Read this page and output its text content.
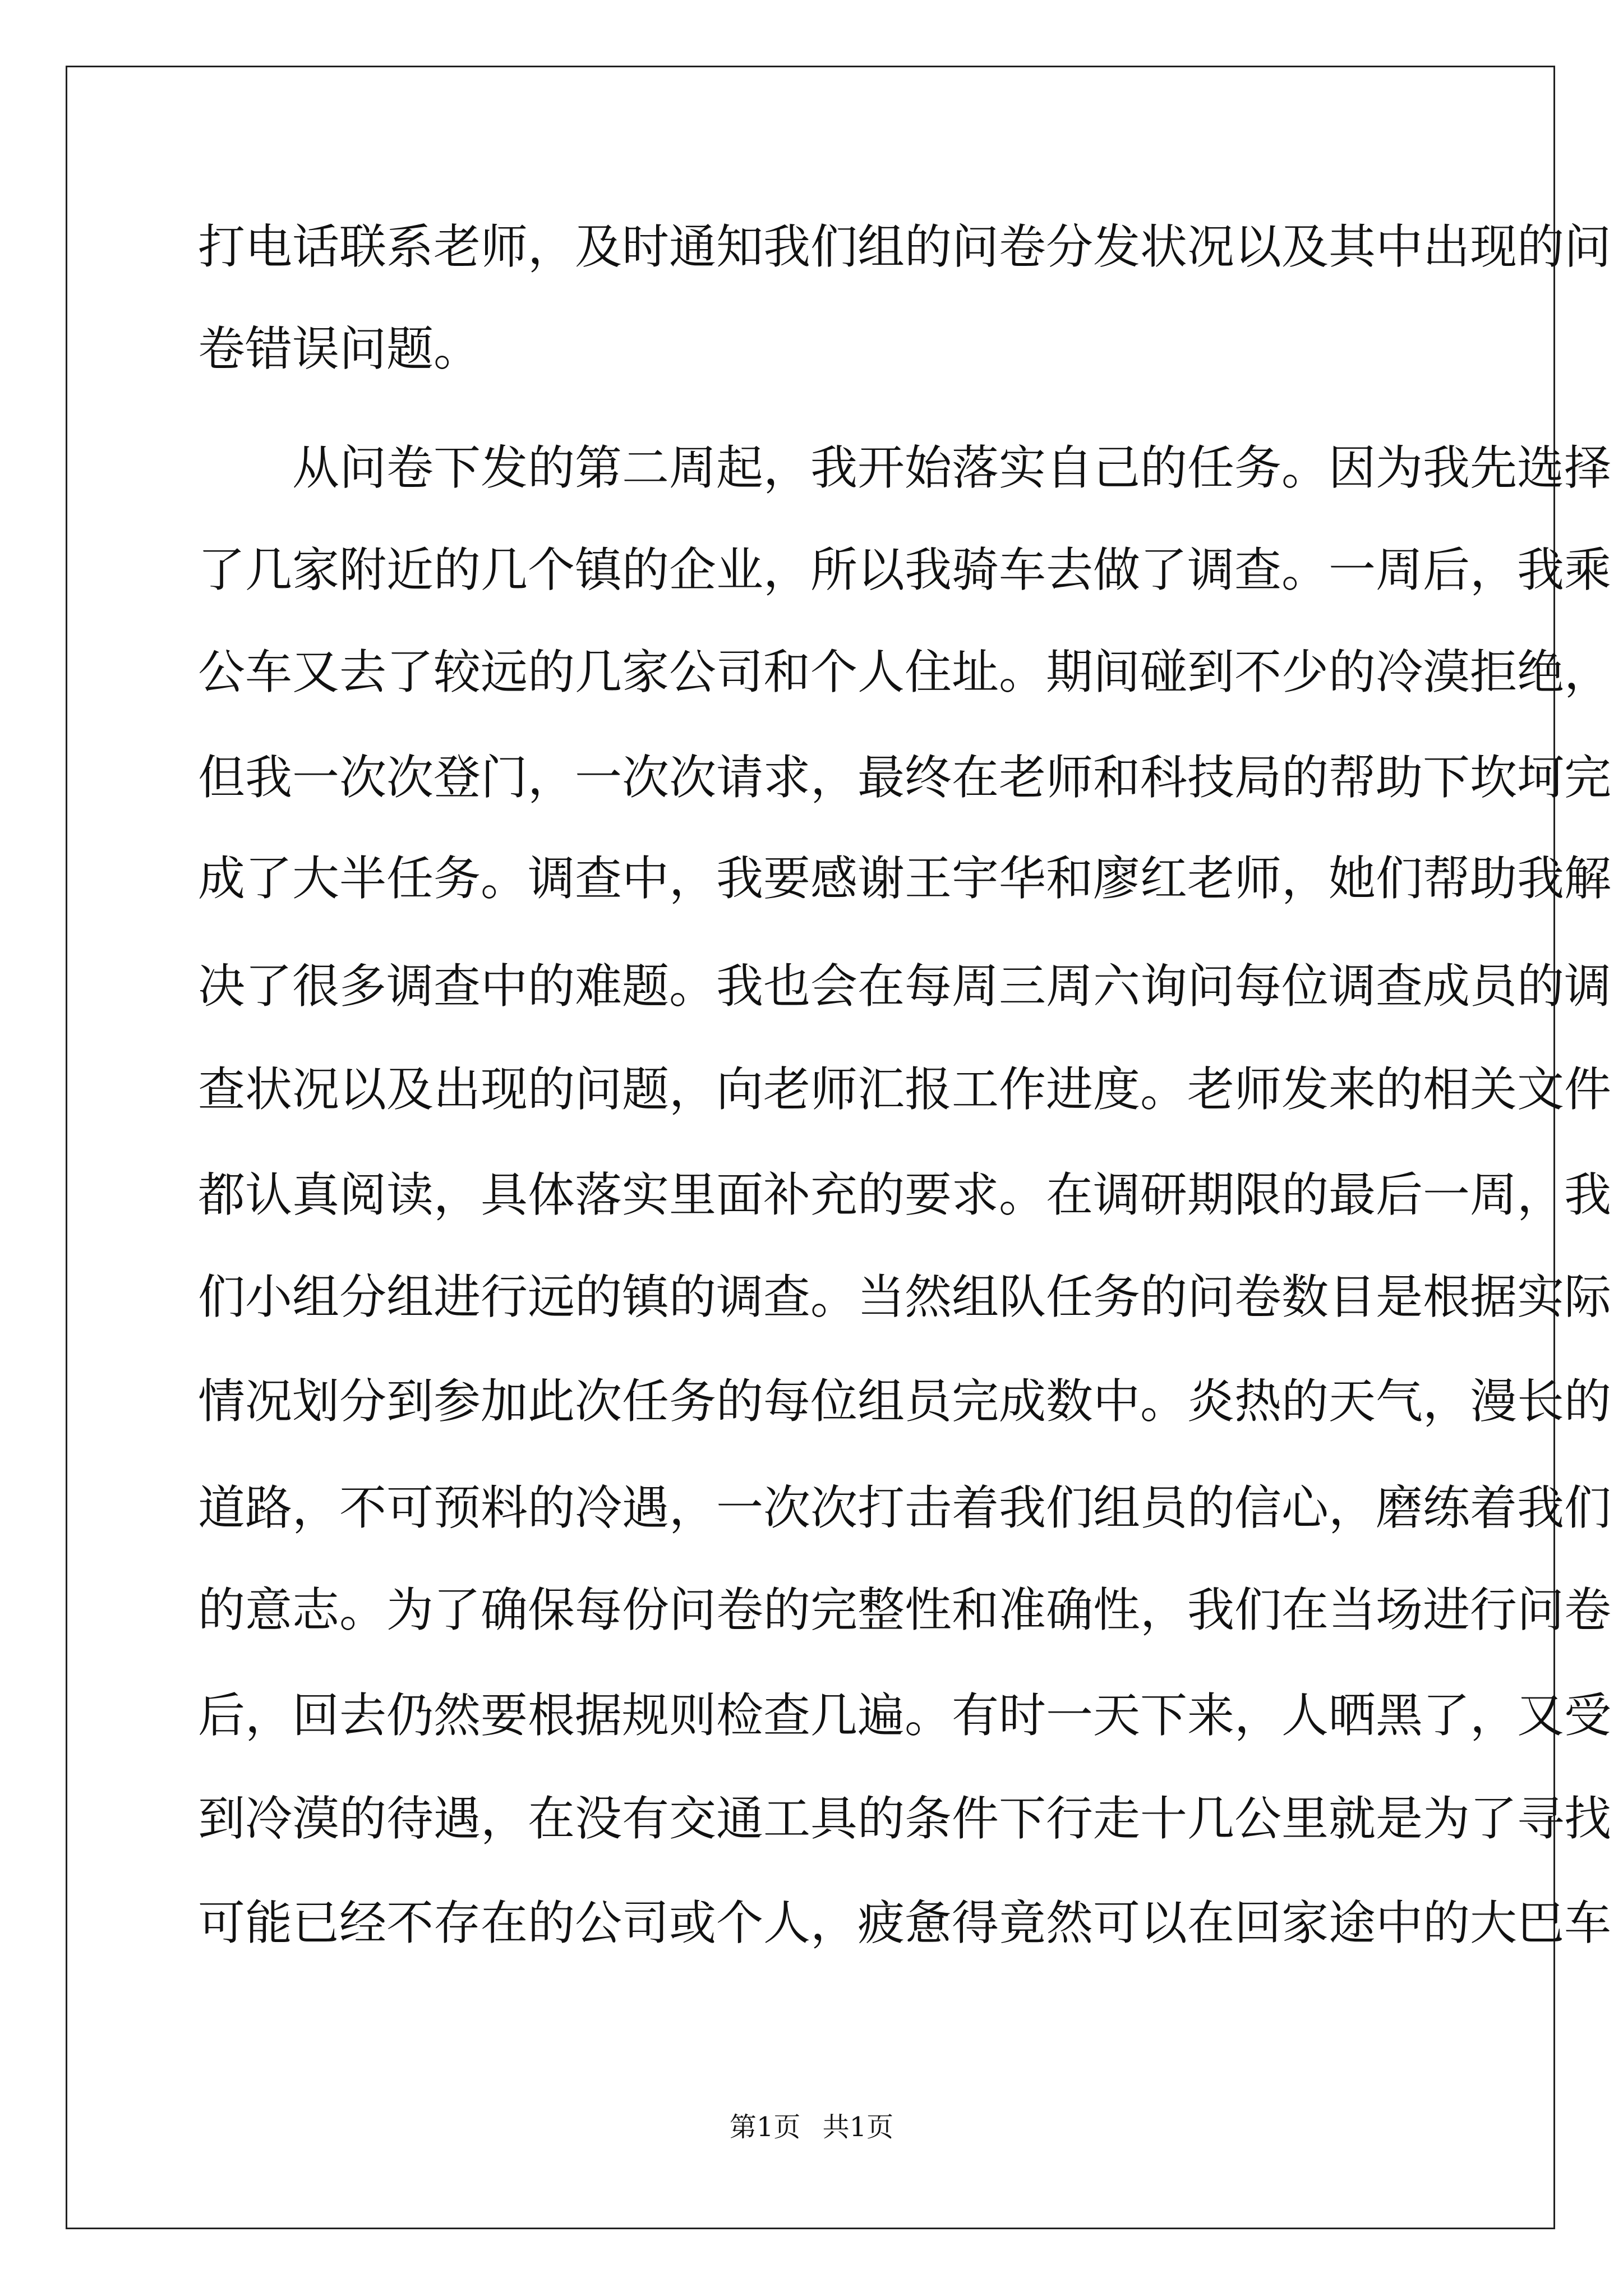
打电话联系老师，及时通知我们组的问卷分发状况以及其中出现的问
卷错误问题。
　　从问卷下发的第二周起，我开始落实自己的任务。因为我先选择
了几家附近的几个镇的企业，所以我骑车去做了调查。一周后，我乘
公车又去了较远的几家公司和个人住址。期间碰到不少的冷漠拒绝，
但我一次次登门，一次次请求，最终在老师和科技局的帮助下坎坷完
成了大半任务。调查中，我要感谢王宇华和廖红老师，她们帮助我解
决了很多调查中的难题。我也会在每周三周六询问每位调查成员的调
查状况以及出现的问题，向老师汇报工作进度。老师发来的相关文件
都认真阅读，具体落实里面补充的要求。在调研期限的最后一周，我
们小组分组进行远的镇的调查。当然组队任务的问卷数目是根据实际
情况划分到参加此次任务的每位组员完成数中。炎热的天气，漫长的
道路，不可预料的冷遇，一次次打击着我们组员的信心，磨练着我们
的意志。为了确保每份问卷的完整性和准确性，我们在当场进行问卷
后，回去仍然要根据规则检查几遍。有时一天下来，人晒黑了，又受
到冷漠的待遇，在没有交通工具的条件下行走十几公里就是为了寻找
可能已经不存在的公司或个人，疲惫得竟然可以在回家途中的大巴车
第1页 共1页
